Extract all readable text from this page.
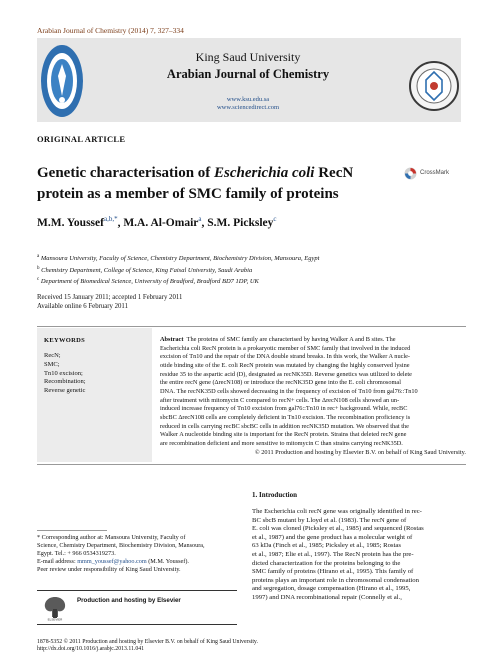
Arabian Journal of Chemistry (2014) 7, 327–334
King Saud University
Arabian Journal of Chemistry
www.ksu.edu.sa
www.sciencedirect.com
ORIGINAL ARTICLE
Genetic characterisation of Escherichia coli RecN
protein as a member of SMC family of proteins
CrossMark
M.M. Youssef$^{a,b,*}$, M.A. Al-Omair$^a$, S.M. Picksley$^c$
$^a$ Mansoura University, Faculty of Science, Chemistry Department, Biochemistry Division, Mansoura, Egypt
$^b$ Chemistry Department, College of Science, King Faisal University, Saudi Arabia
$^c$ Department of Biomedical Science, University of Bradford, Bradford BD7 1DP, UK
Received 15 January 2011; accepted 1 February 2011
Available online 6 February 2011
KEYWORDS
RecN;
SMC;
Tn10 excision;
Recombination;
Reverse genetic
Abstract The proteins of SMC family are characterised by having Walker A and B sites. The
Escherichia coli RecN protein is a prokaryotic member of SMC family that involved in the induced
excision of Tn10 and the repair of the DNA double strand breaks. In this work, the Walker A nucle-
otide binding site of the E. coli RecN protein was mutated by changing the highly conserved lysine
residue 35 to the aspartic acid (D), designated as recNK35D. Reverse genetics was utilized to delete
the entire recN gene (ΔrecN108) or introduce the recNK35D gene into the E. coli chromosomal
DNA. The recNK35D cells showed decreasing in the frequency of excision of Tn10 from gal76::Tn10
after treatment with mitomycin C compared to recN+ cells. The ΔrecN108 cells showed an un-
induced increase frequency of Tn10 excision from gal76::Tn10 in rec+ background. While, recBC
sbcBC ΔrecN108 cells are completely deficient in Tn10 excision. The recombination proficiency is
reduced in cells carrying recBC sbcBC cells in addition recNK35D mutation. We observed that the
Walker A nucleotide binding site is important for the RecN protein. Strains that deleted recN gene
are recombination deficient and more sensitive to mitomycin C than strains carrying recNK35D.
© 2011 Production and hosting by Elsevier B.V. on behalf of King Saud University.
1. Introduction
The Escherichia coli recN gene was originally identified in rec-
BC sbcB mutant by Lloyd et al. (1983). The recN gene of
E. coli was cloned (Picksley et al., 1985) and sequenced (Rostas
et al., 1987) and the gene product has a molecular weight of
63 kDa (Finch et al., 1985; Picksley et al., 1985; Rostas
et al., 1987; Elie et al., 1997). The RecN protein has the pre-
dicted characterization for the proteins belonging to the
SMC family of proteins (Hirano et al., 1995). This family of
proteins plays an important role in chromosomal condensation
and segregation, dosage compensation (Hirano et al., 1995,
1997) and DNA recombinational repair (Connelly et al.,
* Corresponding author at: Mansoura University, Faculty of
Science, Chemistry Department, Biochemistry Division, Mansoura,
Egypt. Tel.: + 966 0534319273.
E-mail address: mmm_youssef@yahoo.com (M.M. Youssef).
Peer review under responsibility of King Saud University.
ELSEVIER
Production and hosting by Elsevier
1878-5352 © 2011 Production and hosting by Elsevier B.V. on behalf of King Saud University.
http://dx.doi.org/10.1016/j.arabjc.2013.11.041
